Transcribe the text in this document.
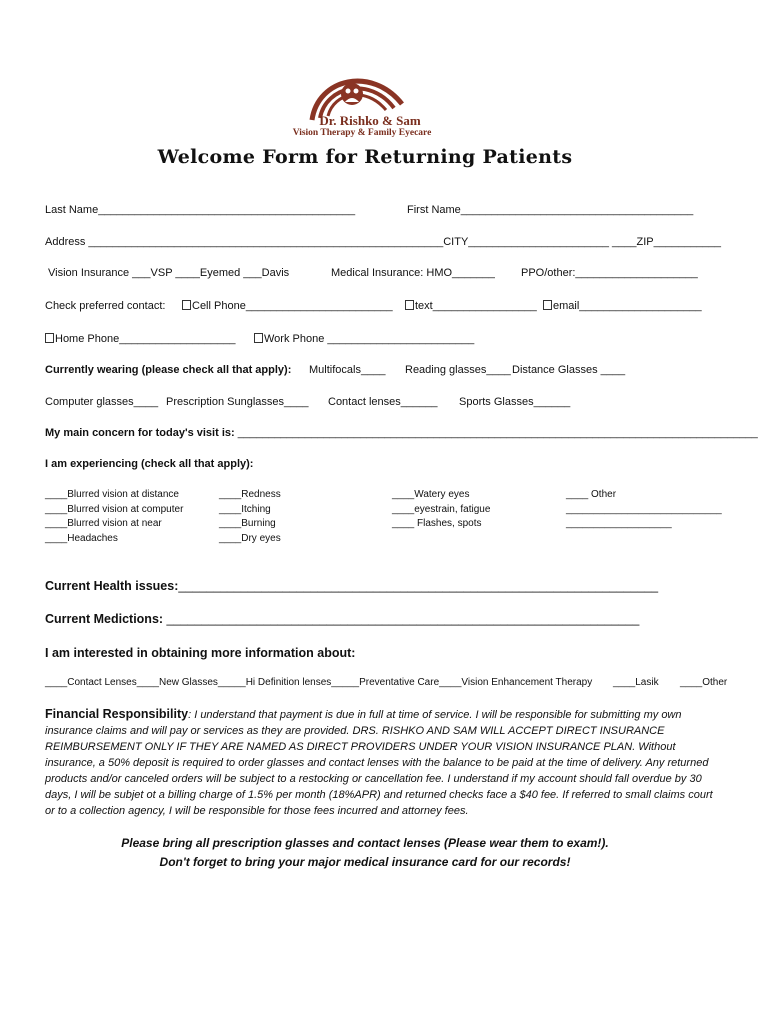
Dr. Rishko & Sam
Vision Therapy & Family Eyecare
Welcome Form for Returning Patients
Last Name__________________________________________	First Name______________________________________
Address __________________________________________________________CITY_______________________ ____ZIP___________
Vision Insurance ___VSP ____Eyemed ___Davis	Medical Insurance: HMO_______ PPO/other:____________________
Check preferred contact:	Cell Phone________________________	text_________________	email____________________
Home Phone___________________	Work Phone ________________________
Currently wearing (please check all that apply): Multifocals____ Reading glasses____ Distance Glasses ____
Computer glasses____ Prescription Sunglasses____ Contact lenses______ Sports Glasses______
My main concern for today's visit is: _____________________________________________________________________________________
I am experiencing (check all that apply):
____Blurred vision at distance
____Blurred vision at computer
____Blurred vision at near
____Headaches
____Redness
____Itching
____Burning
____Dry eyes
____Watery eyes
____eyestrain, fatigue
____ Flashes, spots
____ Other
____________________________
___________________
Current Health issues:_____________________________________________________________________
Current Medictions: ____________________________________________________________________
I am interested in obtaining more information about:
____Contact Lenses____New Glasses_____Hi Definition lenses_____Preventative Care____Vision Enhancement Therapy ____Lasik ____Other
Financial Responsibility: I understand that payment is due in full at time of service. I will be responsible for submitting my own insurance claims and will pay or services as they are provided. DRS. RISHKO AND SAM WILL ACCEPT DIRECT INSURANCE REIMBURSEMENT ONLY IF THEY ARE NAMED AS DIRECT PROVIDERS UNDER YOUR VISION INSURANCE PLAN. Without insurance, a 50% deposit is required to order glasses and contact lenses with the balance to be paid at the time of delivery. Any returned products and/or canceled orders will be subject to a restocking or cancellation fee. I understand if my account should fall overdue by 30 days, I will be subjet ot a billing charge of 1.5% per month (18%APR) and returned checks face a $40 fee. If referred to small claims court or to a collection agency, I will be responsible for those fees incurred and attorney fees.
Please bring all prescription glasses and contact lenses (Please wear them to exam!).
Don't forget to bring your major medical insurance card for our records!
